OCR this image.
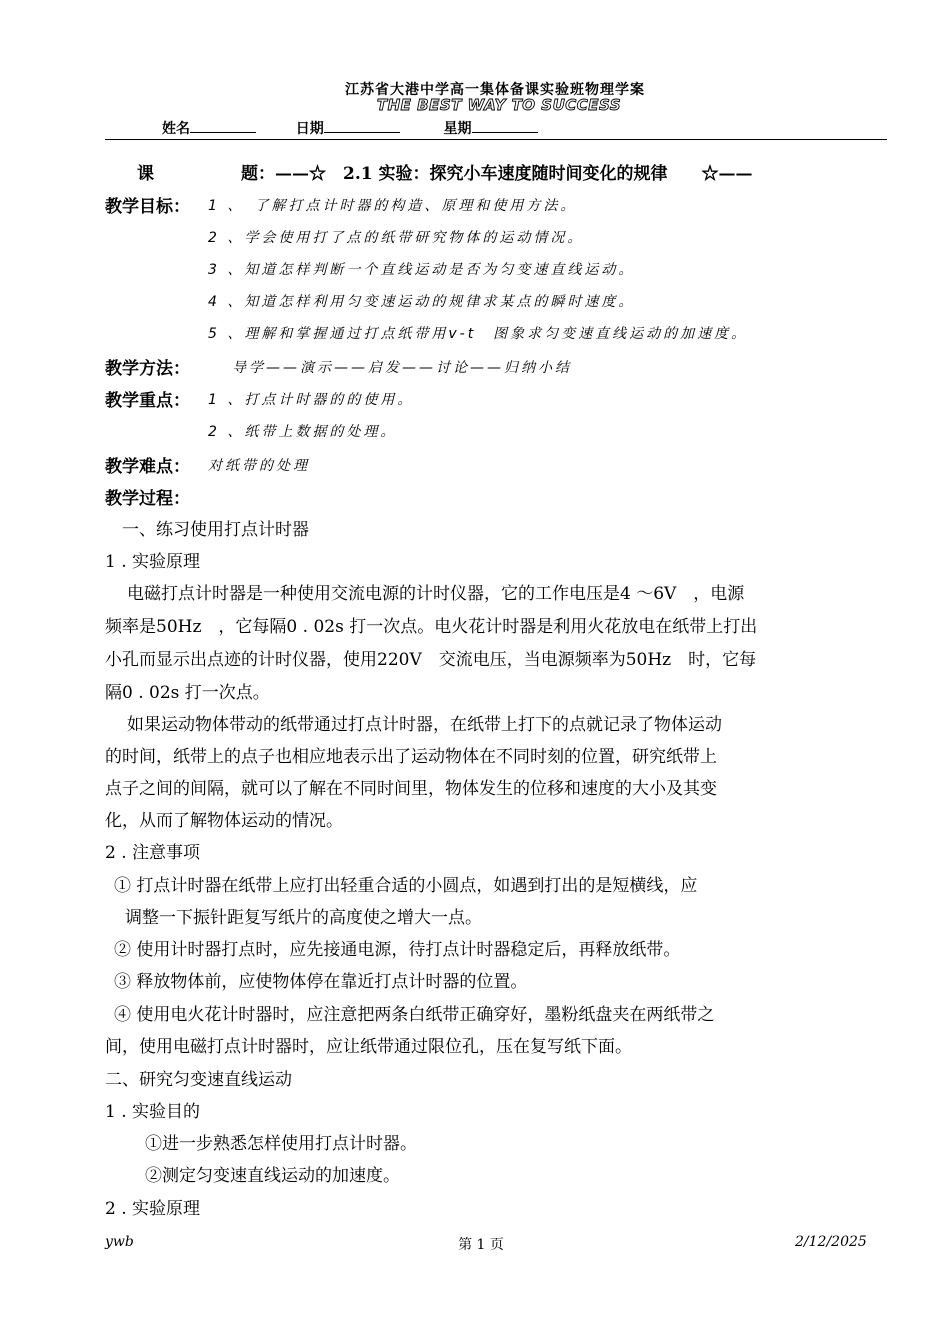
江苏省大港中学高一集体备课实验班物理学案
THE BEST WAY TO SUCCESS
姓名	日期	星期
课	题：——☆　2.1 实验：探究小车速度随时间变化的规律　　☆——
教学目标： 1 、　了解打点计时器的构造、原理和使用方法。
2 、学会使用打了点的纸带研究物体的运动情况。
3 、知道怎样判断一个直线运动是否为匀变速直线运动。
4 、知道怎样利用匀变速运动的规律求某点的瞬时速度。
5 、理解和掌握通过打点纸带用v-t　图象求匀变速直线运动的加速度。
教学方法：	导学——演示——启发——讨论——归纳小结
教学重点： 1 、打点计时器的的使用。
2 、纸带上数据的处理。
教学难点： 对纸带的处理
教学过程：
一、练习使用打点计时器
1 . 实验原理
电磁打点计时器是一种使用交流电源的计时仪器，它的工作电压是4 ～6V　，电源
频率是50Hz　，它每隔0 . 02s 打一次点。电火花计时器是利用火花放电在纸带上打出
小孔而显示出点迹的计时仪器，使用220V　交流电压，当电源频率为50Hz　时，它每
隔0 . 02s 打一次点。
如果运动物体带动的纸带通过打点计时器，在纸带上打下的点就记录了物体运动
的时间，纸带上的点子也相应地表示出了运动物体在不同时刻的位置，研究纸带上
点子之间的间隔，就可以了解在不同时间里，物体发生的位移和速度的大小及其变
化，从而了解物体运动的情况。
2 . 注意事项
① 打点计时器在纸带上应打出轻重合适的小圆点，如遇到打出的是短横线，应
调整一下振针距复写纸片的高度使之增大一点。
② 使用计时器打点时，应先接通电源，待打点计时器稳定后，再释放纸带。
③ 释放物体前，应使物体停在靠近打点计时器的位置。
④ 使用电火花计时器时，应注意把两条白纸带正确穿好，墨粉纸盘夹在两纸带之
间，使用电磁打点计时器时，应让纸带通过限位孔，压在复写纸下面。
二、研究匀变速直线运动
1 . 实验目的
①进一步熟悉怎样使用打点计时器。
②测定匀变速直线运动的加速度。
2 . 实验原理
ywb	第 1 页	2/12/2025
